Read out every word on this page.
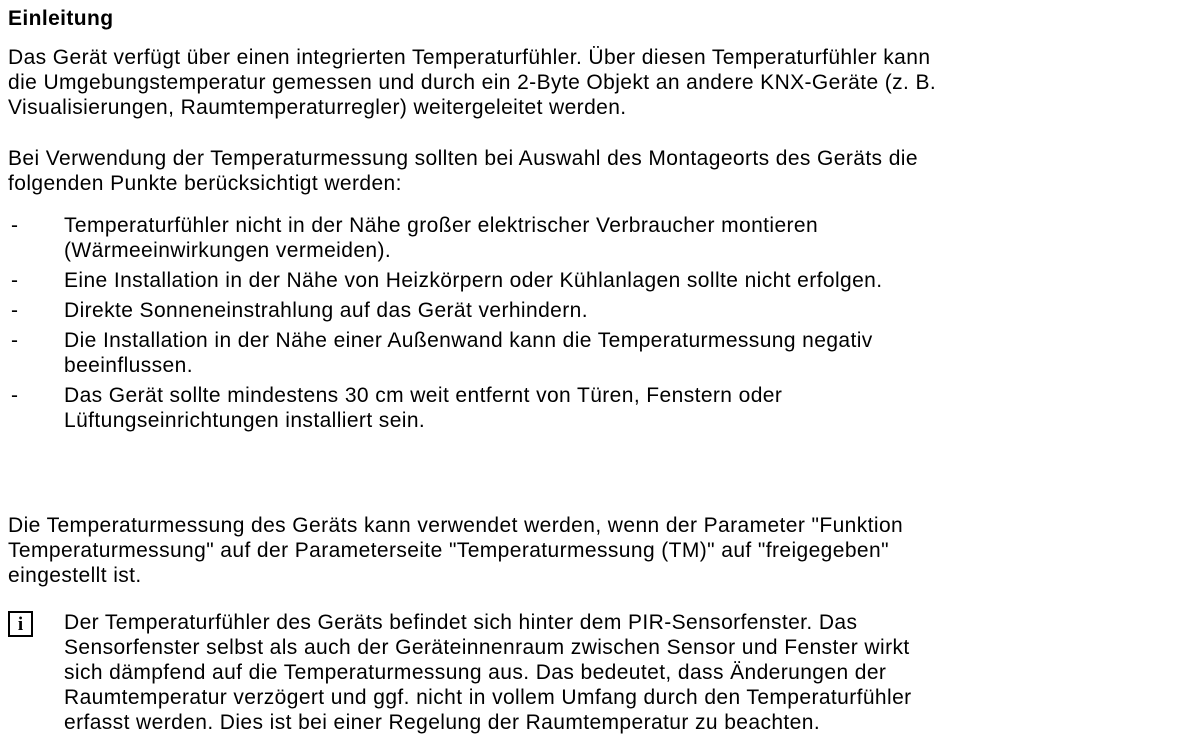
Einleitung
Das Gerät verfügt über einen integrierten Temperaturfühler. Über diesen Temperaturfühler kann
die Umgebungstemperatur gemessen und durch ein 2-Byte Objekt an andere KNX-Geräte (z. B.
Visualisierungen, Raumtemperaturregler) weitergeleitet werden.
Bei Verwendung der Temperaturmessung sollten bei Auswahl des Montageorts des Geräts die
folgenden Punkte berücksichtigt werden:
-	Temperaturfühler nicht in der Nähe großer elektrischer Verbraucher montieren
(Wärmeeinwirkungen vermeiden).
-	Eine Installation in der Nähe von Heizkörpern oder Kühlanlagen sollte nicht erfolgen.
-	Direkte Sonneneinstrahlung auf das Gerät verhindern.
-	Die Installation in der Nähe einer Außenwand kann die Temperaturmessung negativ
beeinflussen.
-	Das Gerät sollte mindestens 30 cm weit entfernt von Türen, Fenstern oder
Lüftungseinrichtungen installiert sein.
Die Temperaturmessung des Geräts kann verwendet werden, wenn der Parameter "Funktion
Temperaturmessung" auf der Parameterseite "Temperaturmessung (TM)" auf "freigegeben"
eingestellt ist.
i	Der Temperaturfühler des Geräts befindet sich hinter dem PIR-Sensorfenster. Das
Sensorfenster selbst als auch der Geräteinnenraum zwischen Sensor und Fenster wirkt
sich dämpfend auf die Temperaturmessung aus. Das bedeutet, dass Änderungen der
Raumtemperatur verzögert und ggf. nicht in vollem Umfang durch den Temperaturfühler
erfasst werden. Dies ist bei einer Regelung der Raumtemperatur zu beachten.
